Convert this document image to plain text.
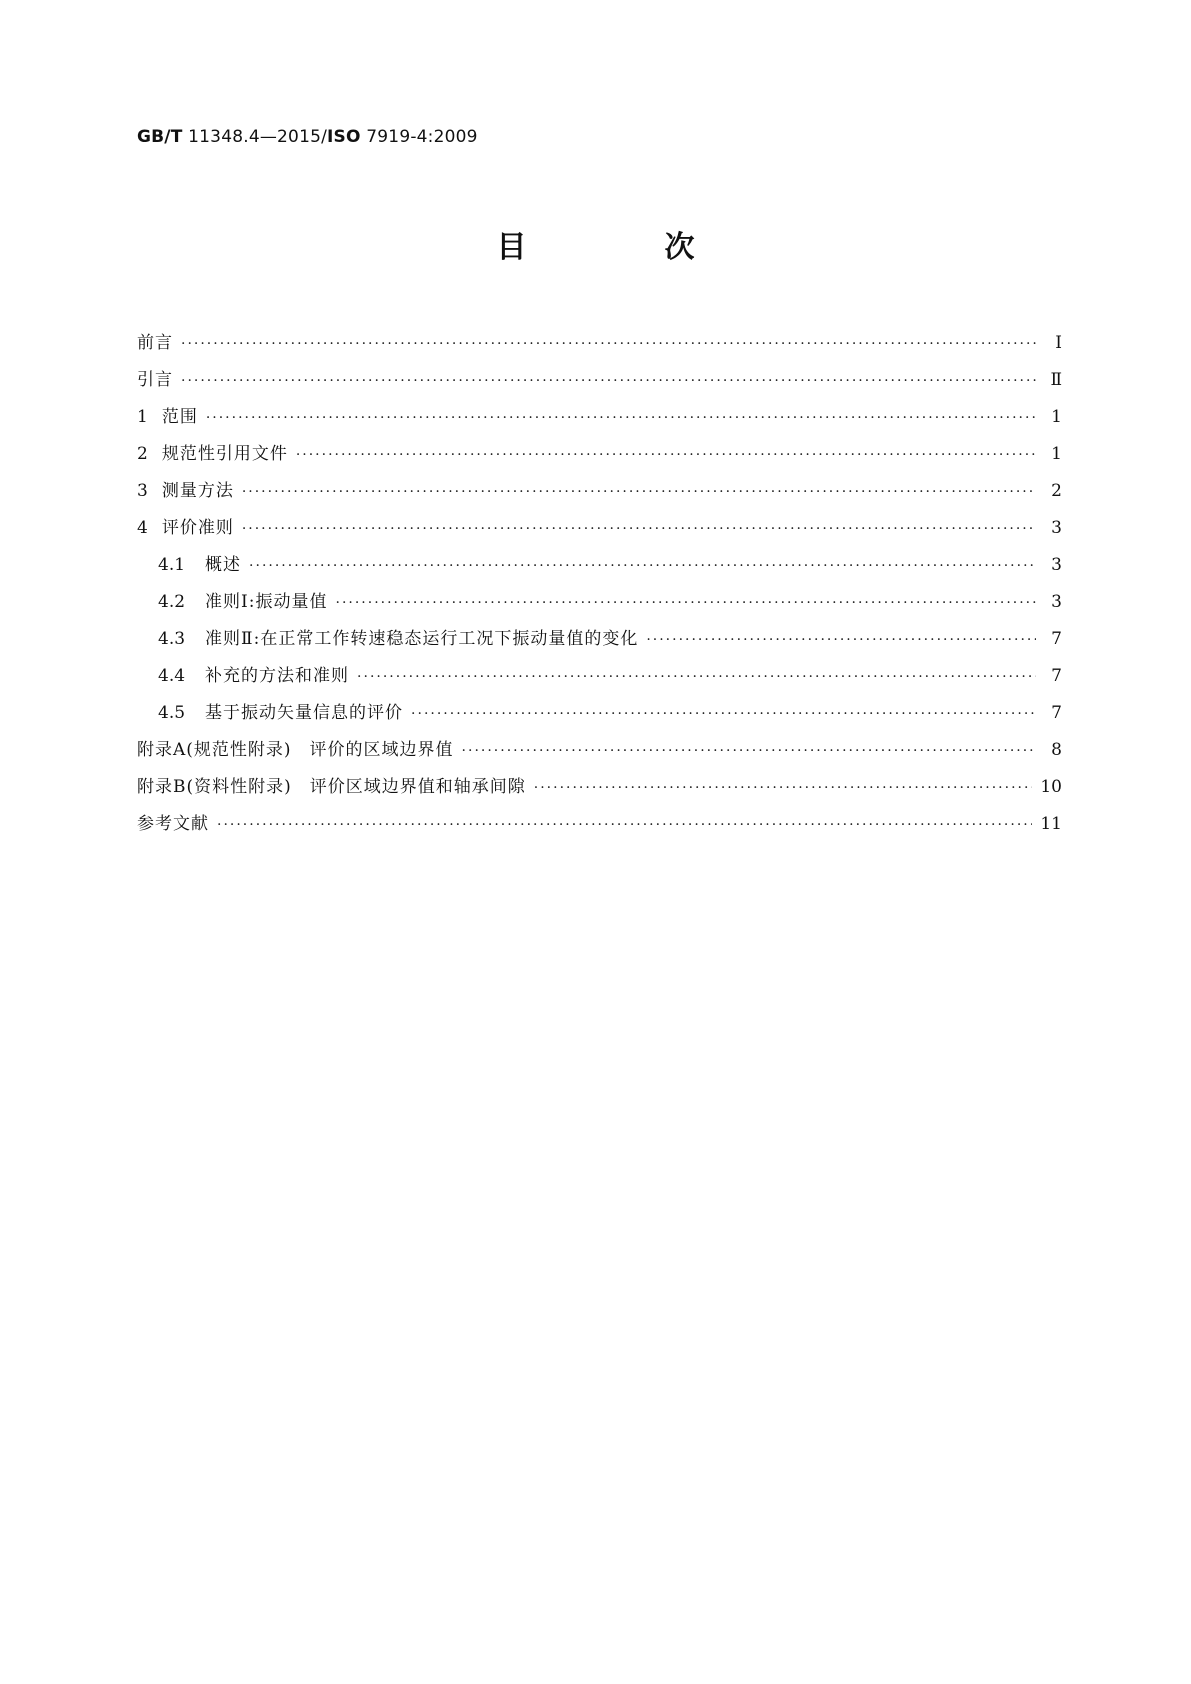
GB/T 11348.4—2015/ISO 7919-4:2009
目　次
前言 ·····	Ⅰ
引言 ·····	Ⅱ
1 范围 ·····	1
2 规范性引用文件 ·····	1
3 测量方法 ·····	2
4 评价准则 ·····	3
4.1 概述 ·····	3
4.2 准则Ⅰ:振动量值 ·····	3
4.3 准则Ⅱ:在正常工作转速稳态运行工况下振动量值的变化 ·····	7
4.4 补充的方法和准则 ·····	7
4.5 基于振动矢量信息的评价 ·····	7
附录A(规范性附录)　评价的区域边界值 ·····	8
附录B(资料性附录)　评价区域边界值和轴承间隙 ·····	10
参考文献 ·····	11
